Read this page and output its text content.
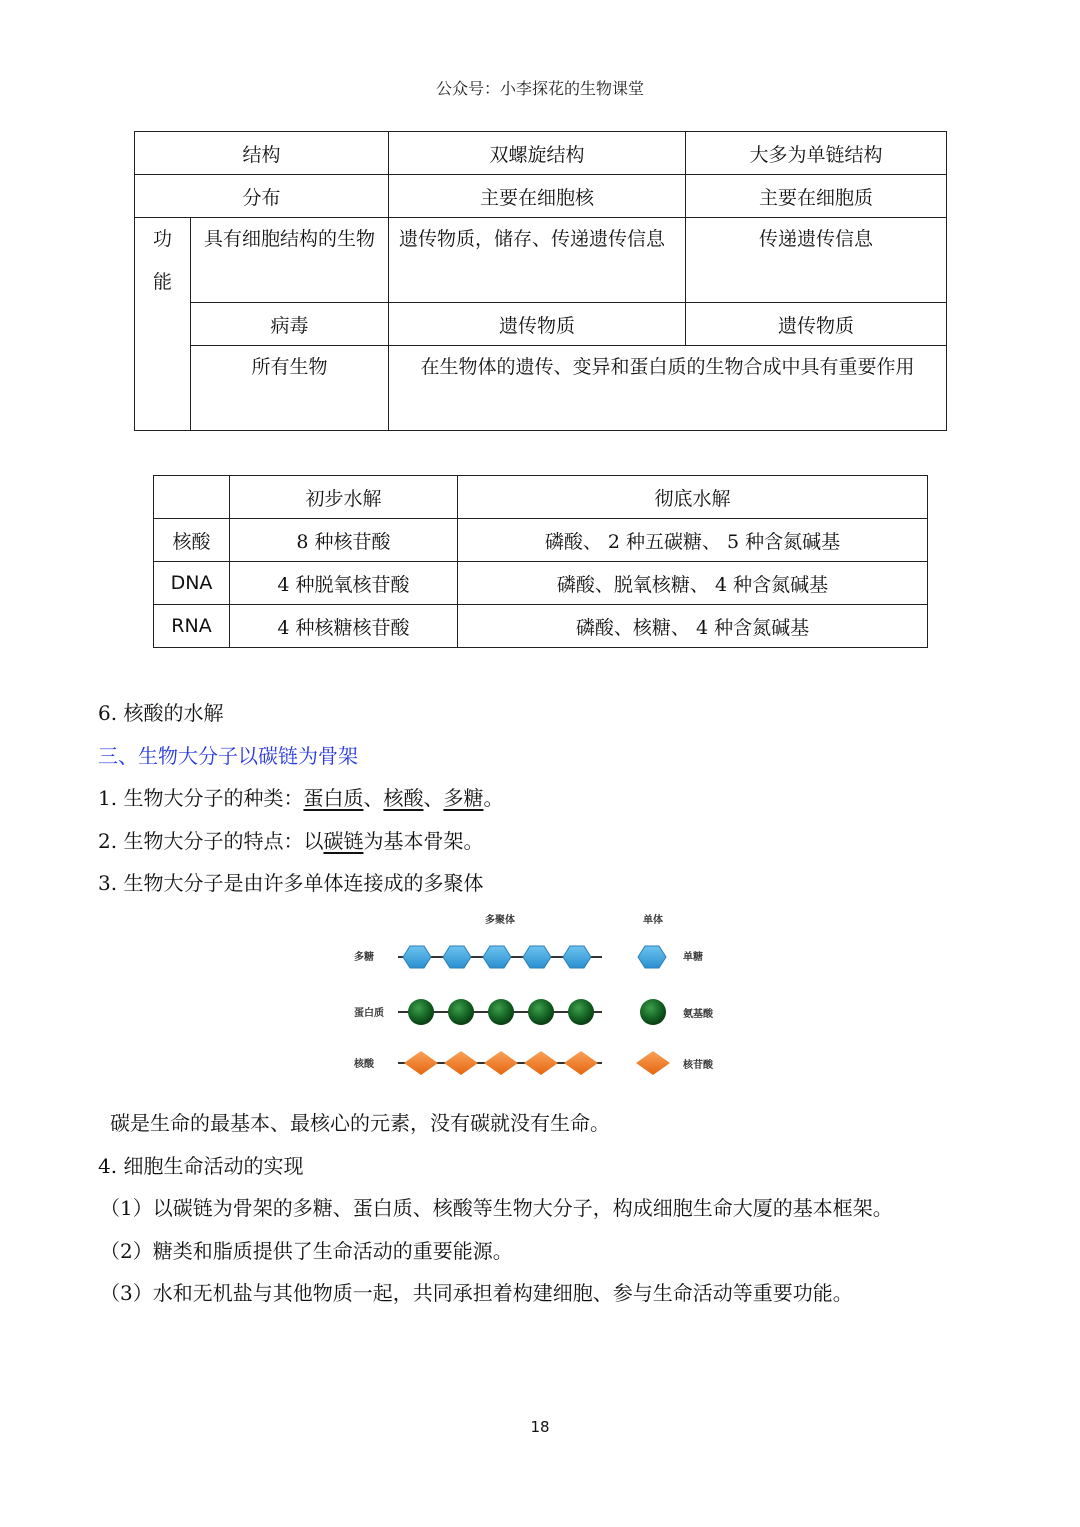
公众号：小李探花的生物课堂
结构		双螺旋结构	大多为单链结构
分布		主要在细胞核	主要在细胞质
功能	具有细胞结构的生物	遗传物质，储存、传递遗传信息	传递遗传信息
	病毒	遗传物质	遗传物质
	所有生物	在生物体的遗传、变异和蛋白质的生物合成中具有重要作用	
	初步水解	彻底水解
核酸	8 种核苷酸	磷酸、 2 种五碳糖、 5 种含氮碱基
DNA	4 种脱氧核苷酸	磷酸、脱氧核糖、 4 种含氮碱基
RNA	4 种核糖核苷酸	磷酸、核糖、 4 种含氮碱基
6. 核酸的水解
三、生物大分子以碳链为骨架
1. 生物大分子的种类：蛋白质、核酸、多糖。
2. 生物大分子的特点：以碳链为基本骨架。
3. 生物大分子是由许多单体连接成的多聚体
多聚体	单体
多糖	单糖
蛋白质	氨基酸
核酸	核苷酸
碳是生命的最基本、最核心的元素，没有碳就没有生命。
4. 细胞生命活动的实现
（1）以碳链为骨架的多糖、蛋白质、核酸等生物大分子，构成细胞生命大厦的基本框架。
（2）糖类和脂质提供了生命活动的重要能源。
（3）水和无机盐与其他物质一起，共同承担着构建细胞、参与生命活动等重要功能。
18
